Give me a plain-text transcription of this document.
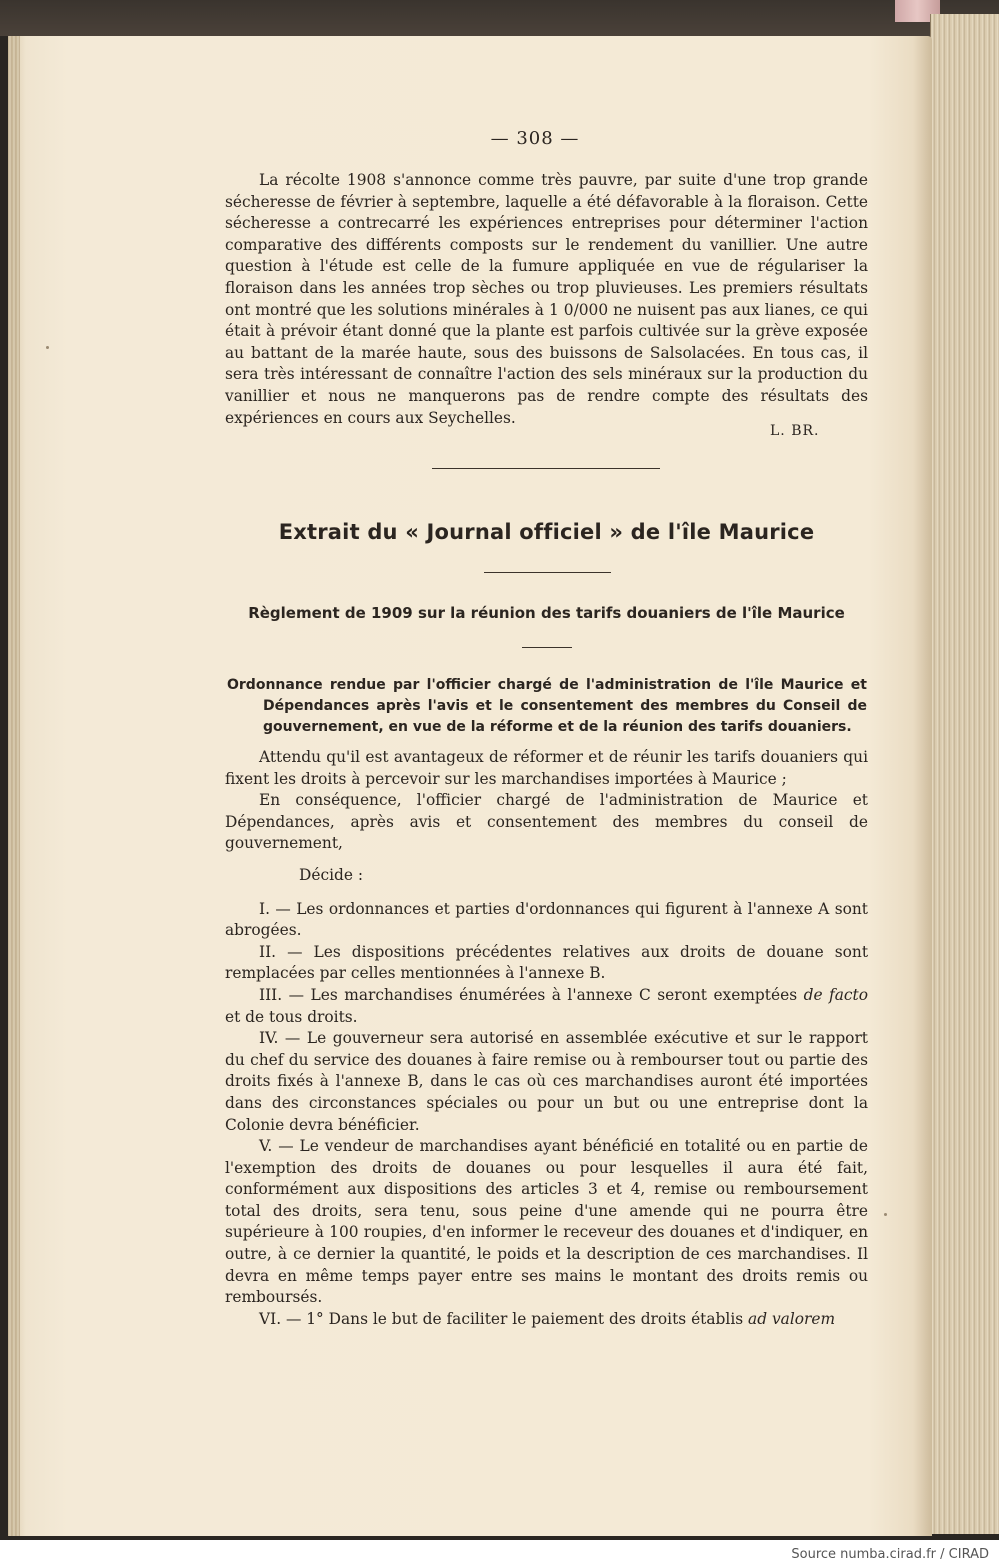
— 308 —

La récolte 1908 s'annonce comme très pauvre, par suite d'une trop grande sécheresse de février à septembre, laquelle a été défavorable à la floraison. Cette sécheresse a contrecarré les expériences entreprises pour déterminer l'action comparative des différents composts sur le rendement du vanillier. Une autre question à l'étude est celle de la fumure appliquée en vue de régulariser la floraison dans les années trop sèches ou trop pluvieuses. Les premiers résultats ont montré que les solutions minérales à 1 0/000 ne nuisent pas aux lianes, ce qui était à prévoir étant donné que la plante est parfois cultivée sur la grève exposée au battant de la marée haute, sous des buissons de Salsolacées. En tous cas, il sera très intéressant de connaître l'action des sels minéraux sur la production du vanillier et nous ne manquerons pas de rendre compte des résultats des expériences en cours aux Seychelles.

L. BR.
Extrait du « Journal officiel » de l'île Maurice
Règlement de 1909 sur la réunion des tarifs douaniers de l'île Maurice
Ordonnance rendue par l'officier chargé de l'administration de l'île Maurice et Dépendances après l'avis et le consentement des membres du Conseil de gouvernement, en vue de la réforme et de la réunion des tarifs douaniers.

Attendu qu'il est avantageux de réformer et de réunir les tarifs douaniers qui fixent les droits à percevoir sur les marchandises importées à Maurice ;

En conséquence, l'officier chargé de l'administration de Maurice et Dépendances, après avis et consentement des membres du conseil de gouvernement,

Décide :

I. — Les ordonnances et parties d'ordonnances qui figurent à l'annexe A sont abrogées.

II. — Les dispositions précédentes relatives aux droits de douane sont remplacées par celles mentionnées à l'annexe B.

III. — Les marchandises énumérées à l'annexe C seront exemptées de facto et de tous droits.

IV. — Le gouverneur sera autorisé en assemblée exécutive et sur le rapport du chef du service des douanes à faire remise ou à rembourser tout ou partie des droits fixés à l'annexe B, dans le cas où ces marchandises auront été importées dans des circonstances spéciales ou pour un but ou une entreprise dont la Colonie devra bénéficier.

V. — Le vendeur de marchandises ayant bénéficié en totalité ou en partie de l'exemption des droits de douanes ou pour lesquelles il aura été fait, conformément aux dispositions des articles 3 et 4, remise ou remboursement total des droits, sera tenu, sous peine d'une amende qui ne pourra être supérieure à 100 roupies, d'en informer le receveur des douanes et d'indiquer, en outre, à ce dernier la quantité, le poids et la description de ces marchandises. Il devra en même temps payer entre ses mains le montant des droits remis ou remboursés.

VI. — 1° Dans le but de faciliter le paiement des droits établis ad valorem

Source numba.cirad.fr / CIRAD
